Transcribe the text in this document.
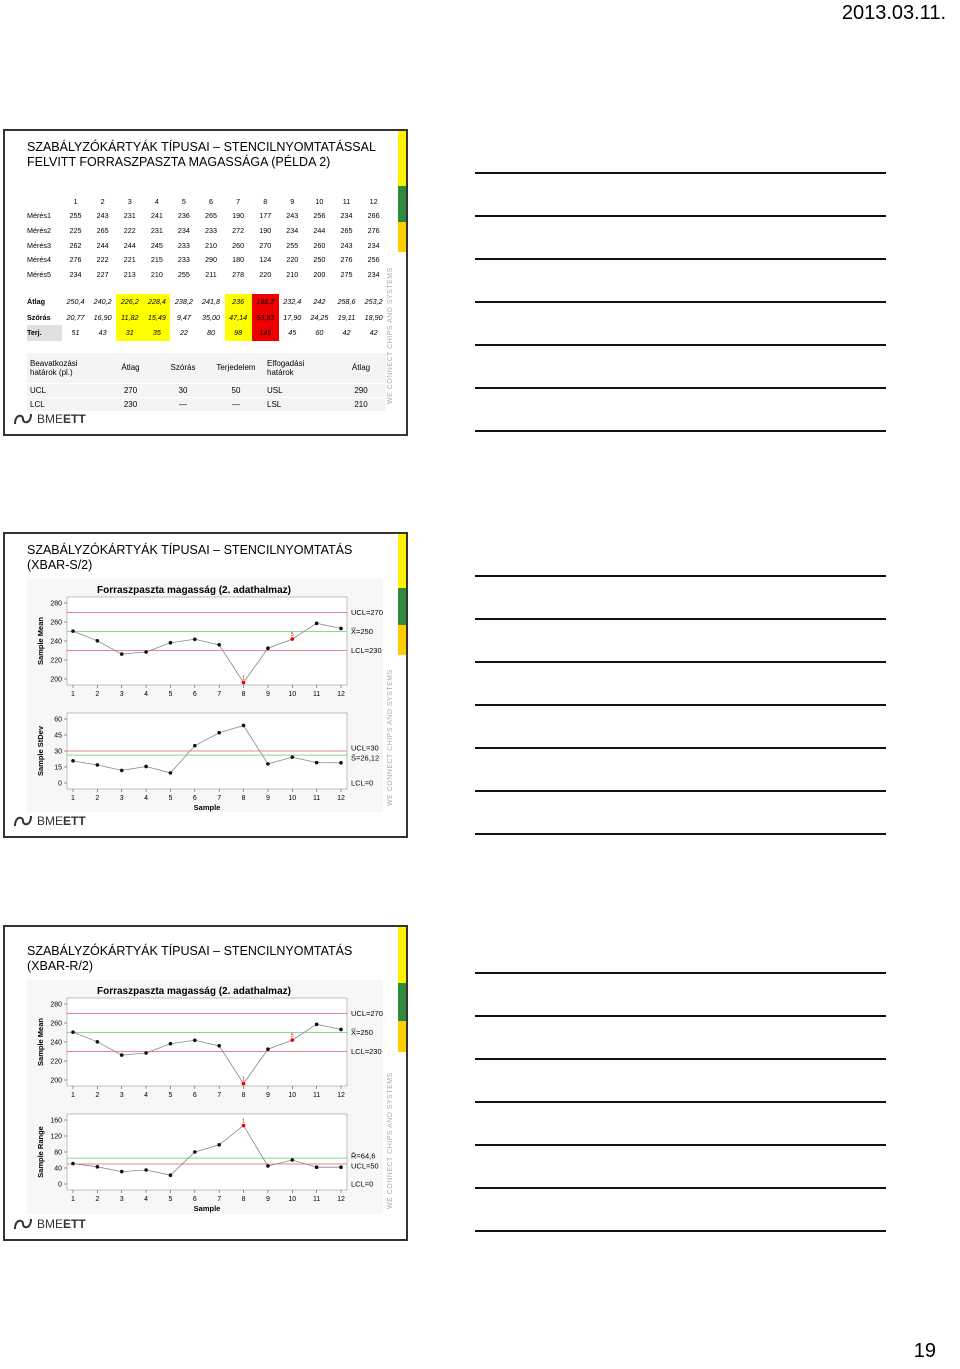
2013.03.11.
WE CONNECT CHIPS AND SYSTEMS
SZABÁLYZÓKÁRTYÁK TÍPUSAI – STENCILNYOMTATÁSSAL FELVITT FORRASZPASZTA MAGASSÁGA (PÉLDA 2)
	1	2	3	4	5	6	7	8	9	10	11	12
Mérés1	255	243	231	241	236	265	190	177	243	256	234	266
Mérés2	225	265	222	231	234	233	272	190	234	244	265	276
Mérés3	262	244	244	245	233	210	260	270	255	260	243	234
Mérés4	276	222	221	215	233	290	180	124	220	250	276	256
Mérés5	234	227	213	210	255	211	278	220	210	200	275	234
Átlag	250,4	240,2	226,2	228,4	238,2	241,8	236	196,2	232,4	242	258,6	253,2
Szórás	20,77	16,90	11,82	15,49	9,47	35,00	47,14	53,93	17,90	24,25	19,11	18,90
Terj.	51	43	31	35	22	80	98	146	45	60	42	42
Beavatkozási határok (pl.)	Átlag	Szórás	Terjedelem	Elfogadási határok	Átlag
UCL	270	30	50	USL	290
LCL	230	—	—	LSL	210
BME ETT
WE CONNECT CHIPS AND SYSTEMS
SZABÁLYZÓKÁRTYÁK TÍPUSAI – STENCILNYOMTATÁS (XBAR-S/2)
200
220
240
260
280
Sample Mean
UCL=270
X̿=250
LCL=230
1
5
Forraszpaszta magasság (2. adathalmaz)
1	2	3	4	5	6	7	8	9	10 11 12
0
15
30
45
60
Sample StDev	UCL=30
S̄=26,12
LCL=0
1	2	3	4	5	6	7	8	9	10 11 12
Sample
BME ETT
WE CONNECT CHIPS AND SYSTEMS
SZABÁLYZÓKÁRTYÁK TÍPUSAI – STENCILNYOMTATÁS (XBAR-R/2)
200
220
240
260
280
Sample Mean
UCL=270
X̿=250
LCL=230
1
5
Forraszpaszta magasság (2. adathalmaz)
1	2	3	4	5	6	7	8	9	10 11 12
0
40
80
120
160
Sample Range	UCL=50
R̄=64,6
LCL=0
1
1	2	3	4	5	6	7	8	9	10 11 12
Sample
BME ETT
19
